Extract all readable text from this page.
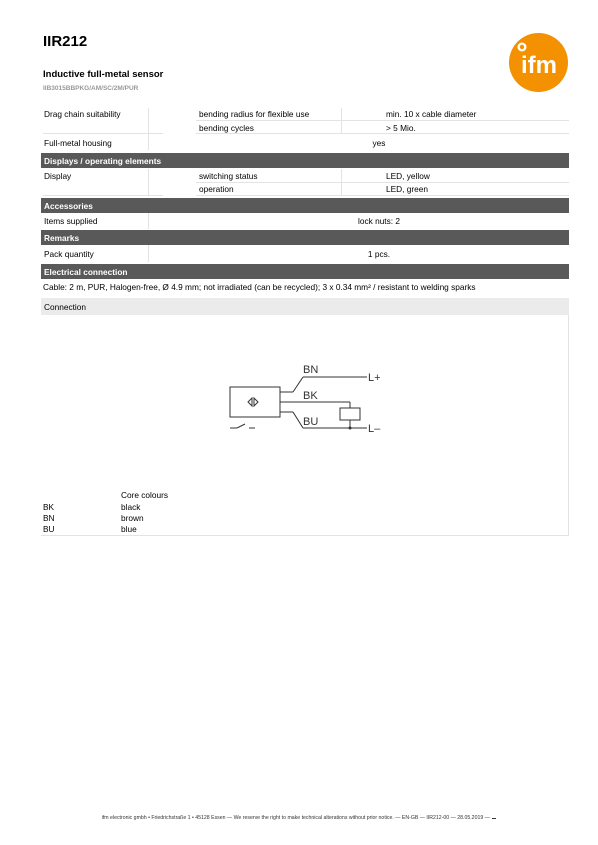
IIR212
Inductive full-metal sensor
IIB3015BBPKG/AM/SC/2M/PUR
ifm
Drag chain suitability	bending radius for flexible use	min. 10 x cable diameter
bending cycles	> 5 Mio.
Full-metal housing	yes
Displays / operating elements
Display	switching status	LED, yellow
operation	LED, green
Accessories
Items supplied	lock nuts: 2
Remarks
Pack quantity	1 pcs.
Electrical connection
Cable: 2 m, PUR, Halogen-free, Ø 4.9 mm; not irradiated (can be recycled); 3 x 0.34 mm² / resistant to welding sparks
Connection
BN
BK
BU
L+
L–
Core colours
BK	black
BN	brown
BU	blue
ifm electronic gmbh • Friedrichstraße 1 • 45128 Essen — We reserve the right to make technical alterations without prior notice. — EN-GB — IIR212-00 — 28.05.2019 —
